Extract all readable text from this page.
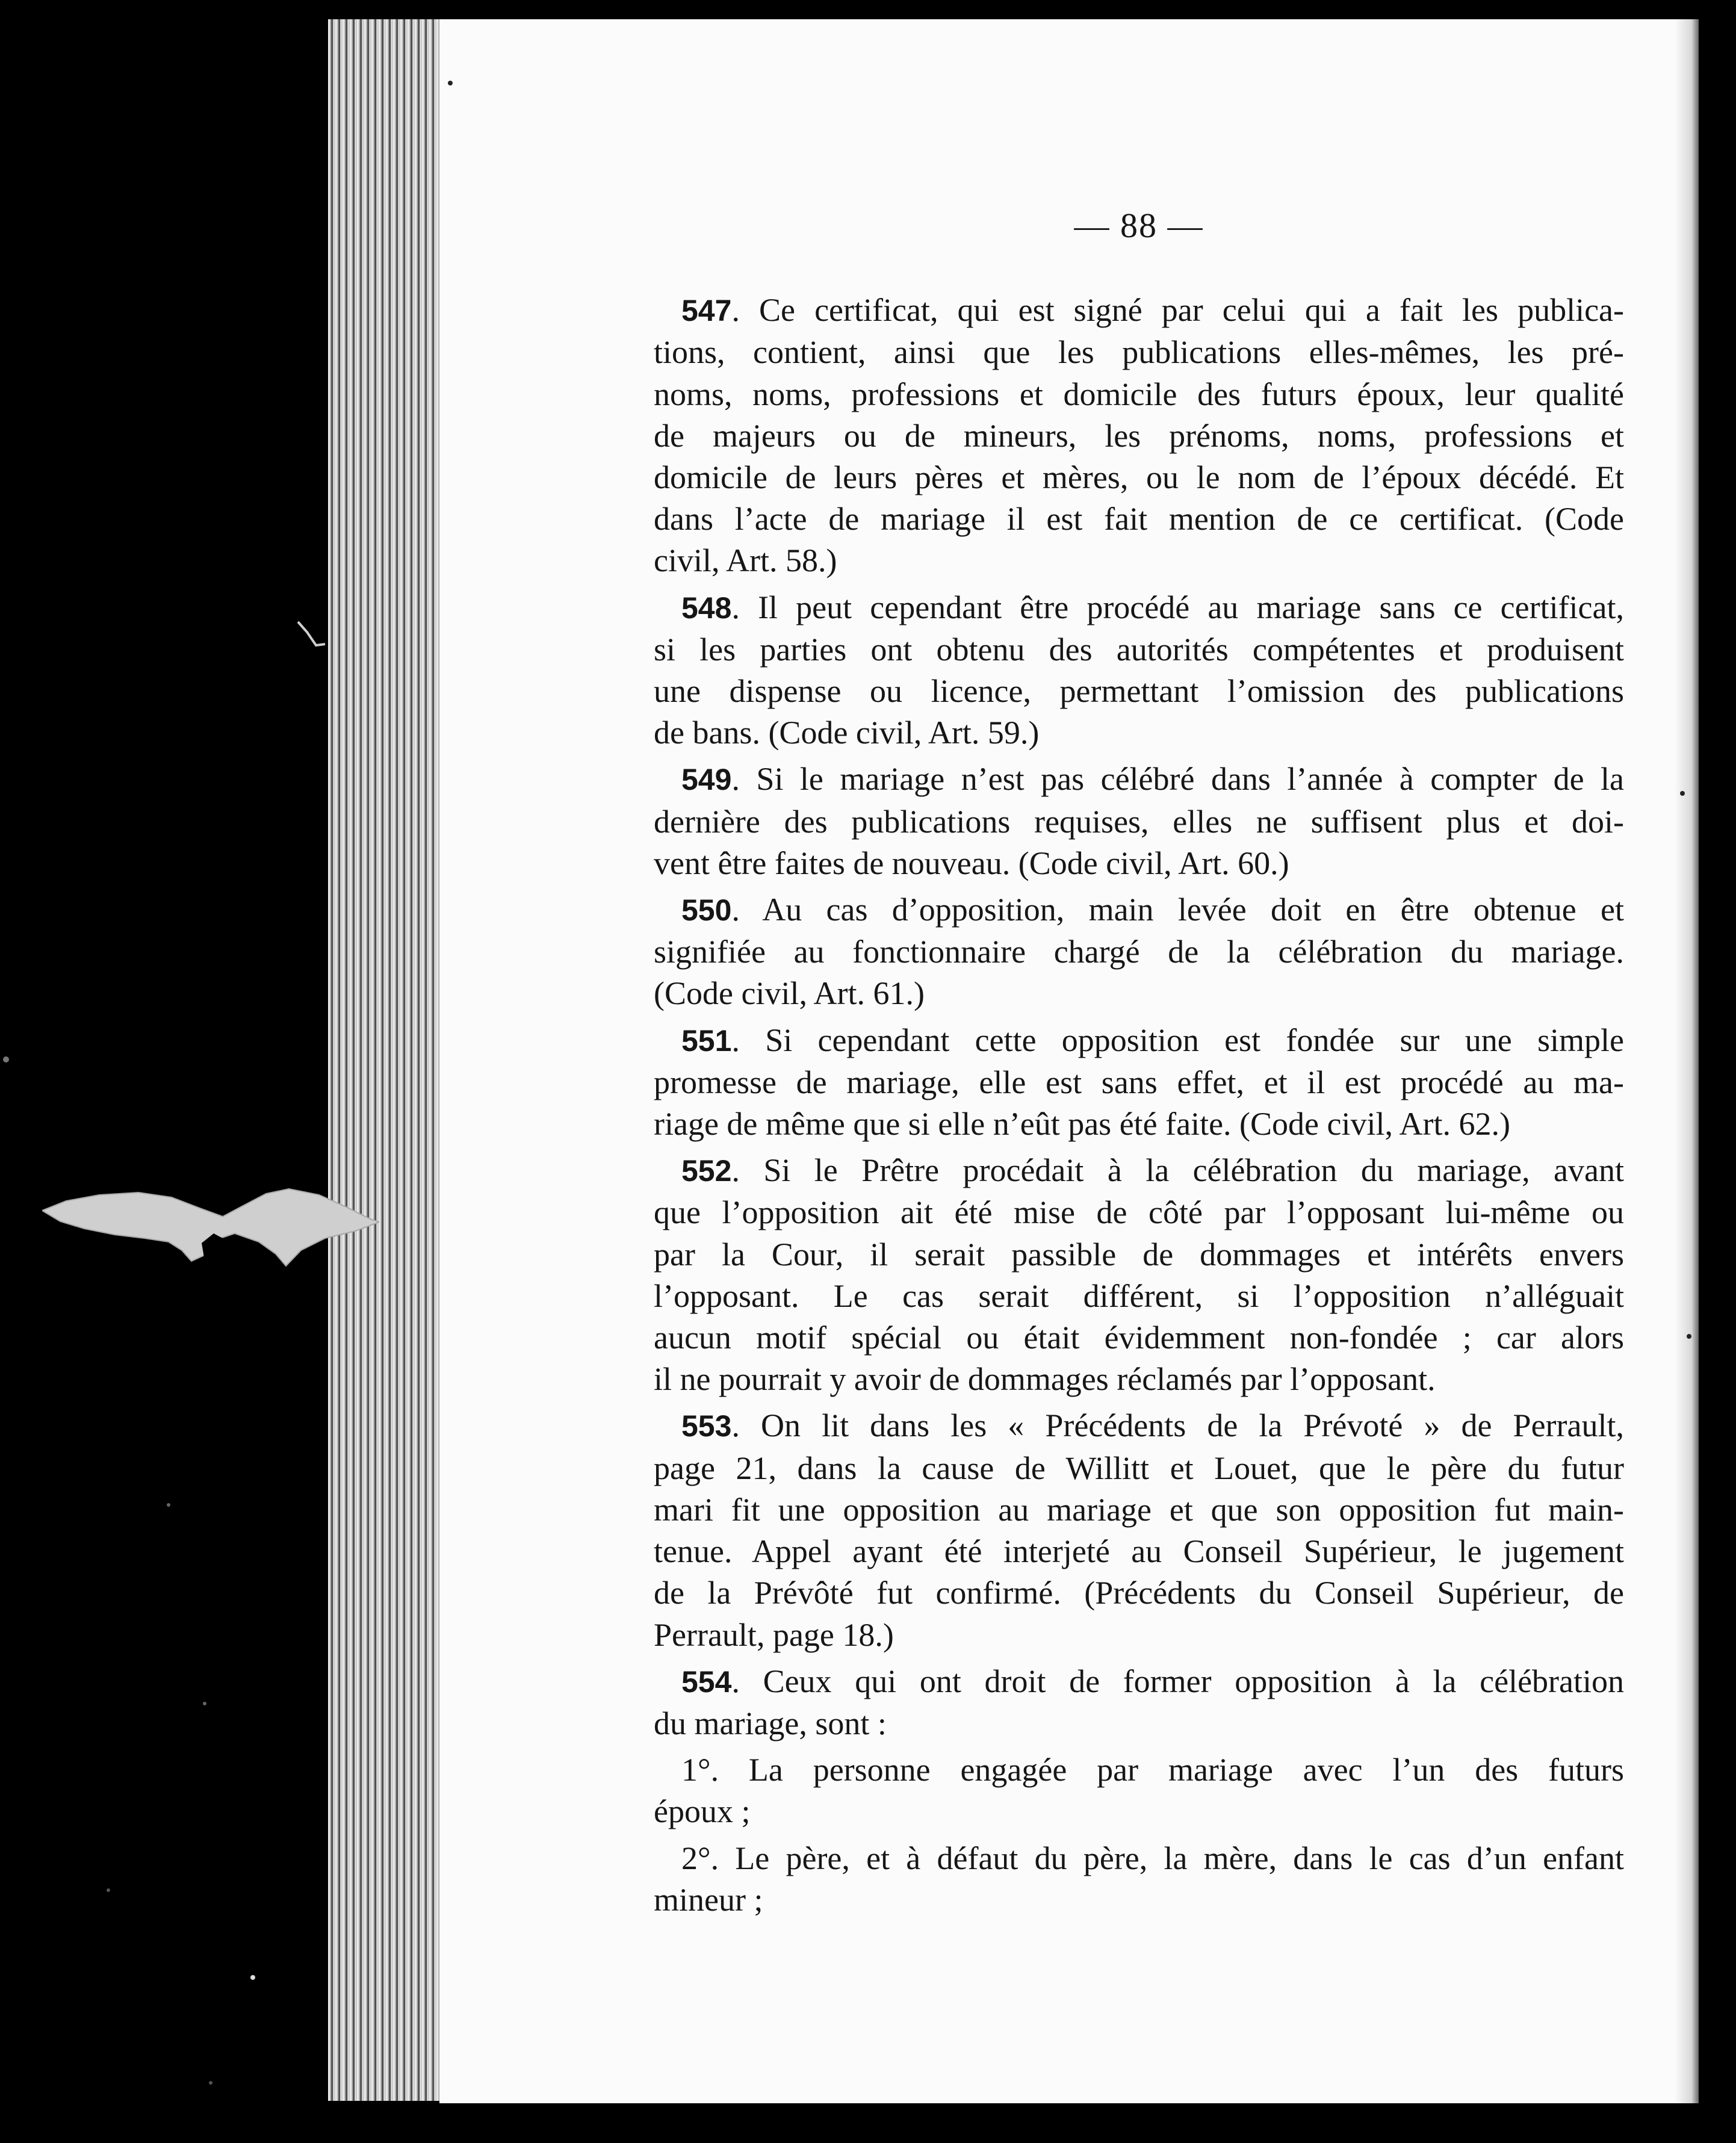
— 88 —
547. Ce certificat, qui est signé par celui qui a fait les publica-
tions, contient, ainsi que les publications elles-mêmes, les pré-
noms, noms, professions et domicile des futurs époux, leur qualité
de majeurs ou de mineurs, les prénoms, noms, professions et
domicile de leurs pères et mères, ou le nom de l’époux décédé. Et
dans l’acte de mariage il est fait mention de ce certificat. (Code
civil, Art. 58.)
548. Il peut cependant être procédé au mariage sans ce certificat,
si les parties ont obtenu des autorités compétentes et produisent
une dispense ou licence, permettant l’omission des publications
de bans. (Code civil, Art. 59.)
549. Si le mariage n’est pas célébré dans l’année à compter de la
dernière des publications requises, elles ne suffisent plus et doi-
vent être faites de nouveau. (Code civil, Art. 60.)
550. Au cas d’opposition, main levée doit en être obtenue et
signifiée au fonctionnaire chargé de la célébration du mariage.
(Code civil, Art. 61.)
551. Si cependant cette opposition est fondée sur une simple
promesse de mariage, elle est sans effet, et il est procédé au ma-
riage de même que si elle n’eût pas été faite. (Code civil, Art. 62.)
552. Si le Prêtre procédait à la célébration du mariage, avant
que l’opposition ait été mise de côté par l’opposant lui-même ou
par la Cour, il serait passible de dommages et intérêts envers
l’opposant. Le cas serait différent, si l’opposition n’alléguait
aucun motif spécial ou était évidemment non-fondée ; car alors
il ne pourrait y avoir de dommages réclamés par l’opposant.
553. On lit dans les « Précédents de la Prévoté » de Perrault,
page 21, dans la cause de Willitt et Louet, que le père du futur
mari fit une opposition au mariage et que son opposition fut main-
tenue. Appel ayant été interjeté au Conseil Supérieur, le jugement
de la Prévôté fut confirmé. (Précédents du Conseil Supérieur, de
Perrault, page 18.)
554. Ceux qui ont droit de former opposition à la célébration
du mariage, sont :
1°. La personne engagée par mariage avec l’un des futurs
époux ;
2°. Le père, et à défaut du père, la mère, dans le cas d’un enfant
mineur ;
